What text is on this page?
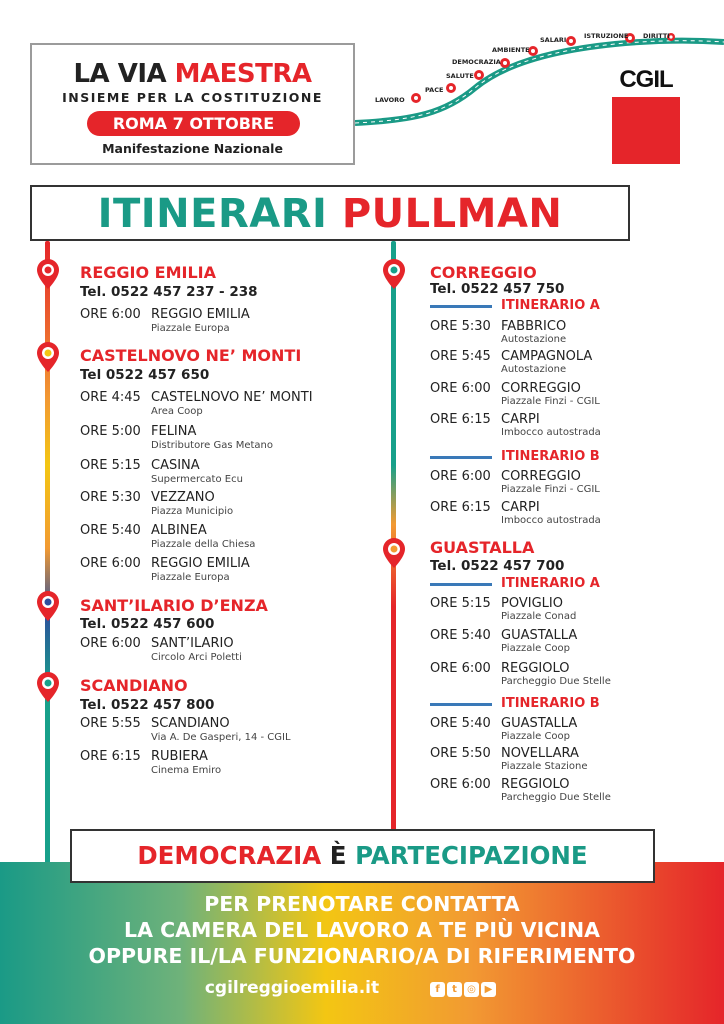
LA VIA MAESTRA
INSIEME PER LA COSTITUZIONE
ROMA 7 OTTOBRE
Manifestazione Nazionale
LAVORO
PACE
SALUTE
DEMOCRAZIA
AMBIENTE
SALARI	ISTRUZIONE DIRITTI
CGIL
ITINERARI PULLMAN
REGGIO EMILIA
Tel. 0522 457 237 - 238
ORE 6:00 REGGIO EMILIA
Piazzale Europa
CASTELNOVO NE’ MONTI
Tel 0522 457 650
ORE 4:45 CASTELNOVO NE’ MONTI
Area Coop
ORE 5:00 FELINA
Distributore Gas Metano
ORE 5:15 CASINA
Supermercato Ecu
ORE 5:30 VEZZANO
Piazza Municipio
ORE 5:40 ALBINEA
Piazzale della Chiesa
ORE 6:00 REGGIO EMILIA
Piazzale Europa
SANT’ILARIO D’ENZA
Tel. 0522 457 600
ORE 6:00 SANT’ILARIO
Circolo Arci Poletti
SCANDIANO
Tel. 0522 457 800
ORE 5:55 SCANDIANO
Via A. De Gasperi, 14 - CGIL
ORE 6:15 RUBIERA
Cinema Emiro
CORREGGIO
Tel. 0522 457 750
ITINERARIO A
ORE 5:30 FABBRICO
Autostazione
ORE 5:45 CAMPAGNOLA
Autostazione
ORE 6:00 CORREGGIO
Piazzale Finzi - CGIL
ORE 6:15 CARPI
Imbocco autostrada
ITINERARIO B
ORE 6:00 CORREGGIO
Piazzale Finzi - CGIL
ORE 6:15 CARPI
Imbocco autostrada
GUASTALLA
Tel. 0522 457 700
ITINERARIO A
ORE 5:15 POVIGLIO
Piazzale Conad
ORE 5:40 GUASTALLA
Piazzale Coop
ORE 6:00 REGGIOLO
Parcheggio Due Stelle
ITINERARIO B
ORE 5:40 GUASTALLA
Piazzale Coop
ORE 5:50 NOVELLARA
Piazzale Stazione
ORE 6:00 REGGIOLO
Parcheggio Due Stelle
DEMOCRAZIA È PARTECIPAZIONE
PER PRENOTARE CONTATTA
LA CAMERA DEL LAVORO A TE PIÙ VICINA
OPPURE IL/LA FUNZIONARIO/A DI RIFERIMENTO
cgilreggioemilia.it	f	t	◎ ▶
